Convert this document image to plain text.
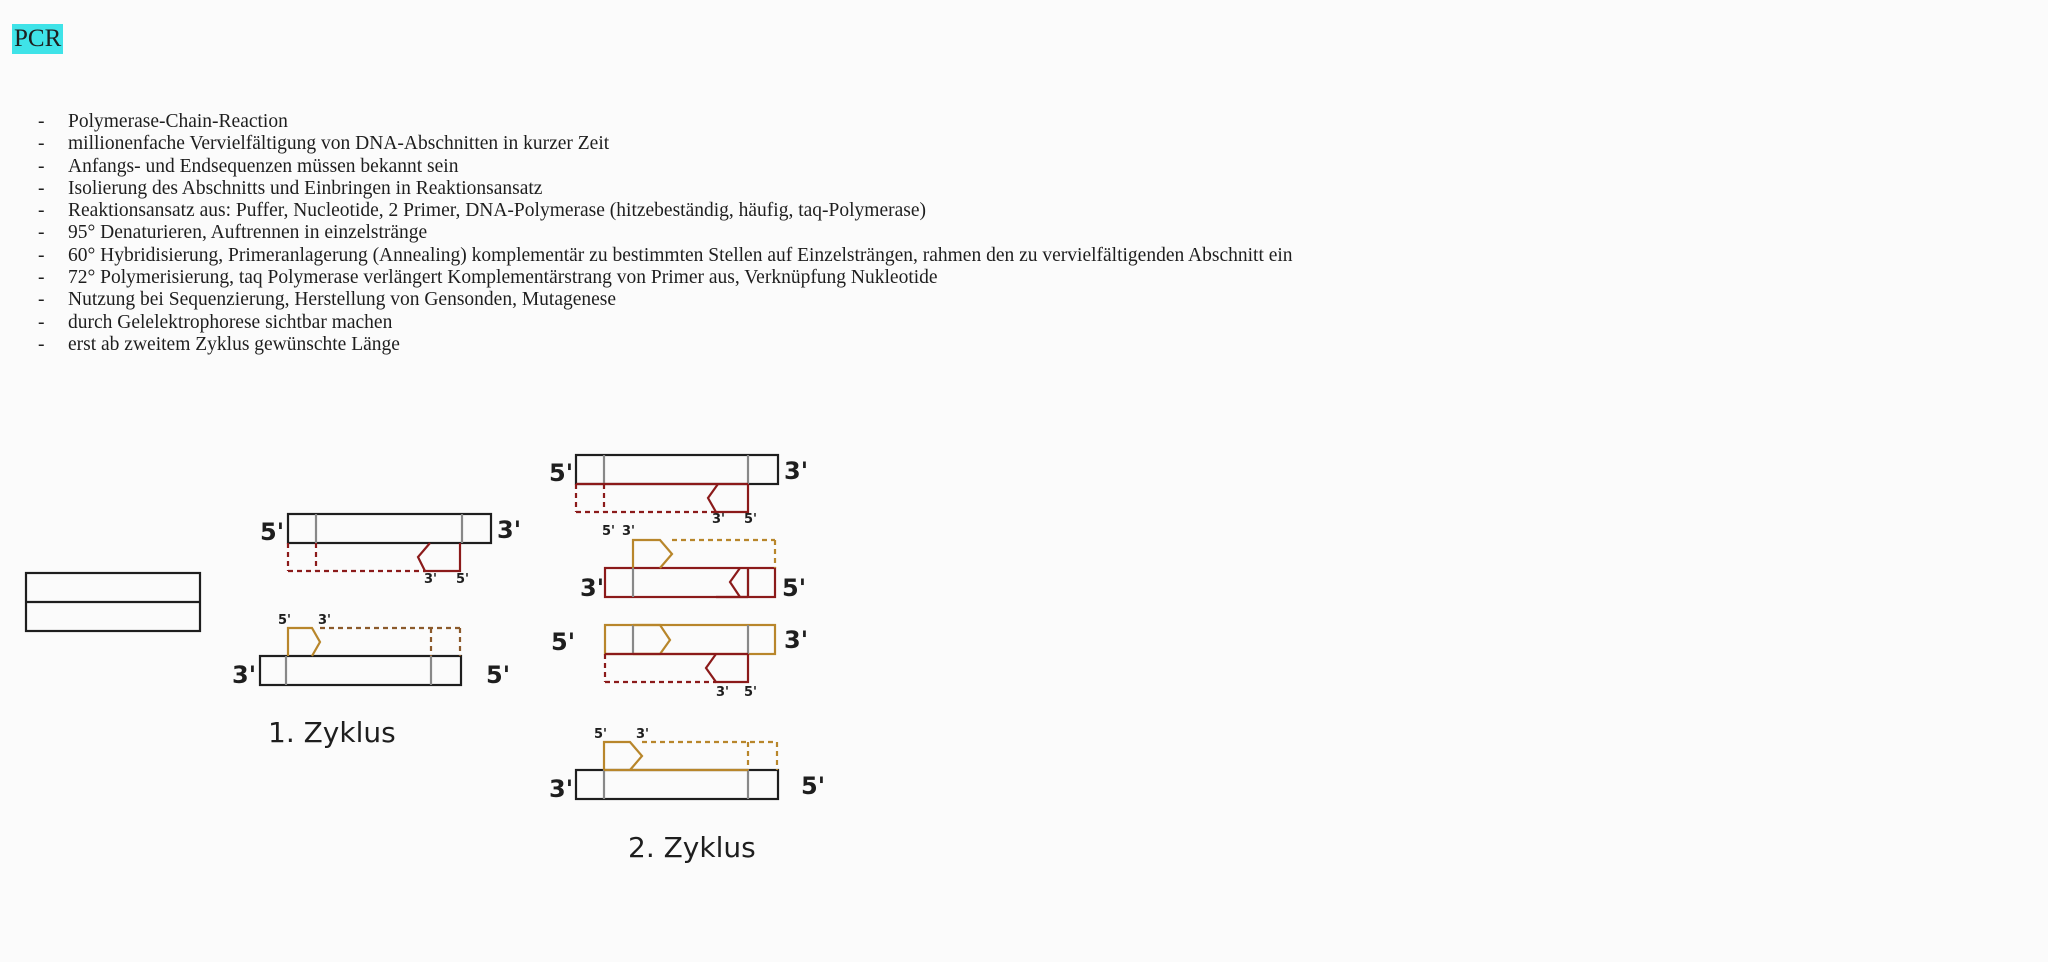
PCR
- Polymerase-Chain-Reaction
- millionenfache Vervielfältigung von DNA-Abschnitten in kurzer Zeit
- Anfangs- und Endsequenzen müssen bekannt sein
- Isolierung des Abschnitts und Einbringen in Reaktionsansatz
- Reaktionsansatz aus: Puffer, Nucleotide, 2 Primer, DNA-Polymerase (hitzebeständig, häufig, taq-Polymerase)
- 95° Denaturieren, Auftrennen in einzelstränge
- 60° Hybridisierung, Primeranlagerung (Annealing) komplementär zu bestimmten Stellen auf Einzelsträngen, rahmen den zu vervielfältigenden Abschnitt ein
- 72° Polymerisierung, taq Polymerase verlängert Komplementärstrang von Primer aus, Verknüpfung Nukleotide
- Nutzung bei Sequenzierung, Herstellung von Gensonden, Mutagenese
- durch Gelelektrophorese sichtbar machen
- erst ab zweitem Zyklus gewünschte Länge
5'	3'
3' 5'
5' 3'
3'	5'
1. Zyklus
5'	3'
5' 3'
3' 5'
3'	5'
5'	3'
3' 5'
5' 3'
3'	5'
2. Zyklus
